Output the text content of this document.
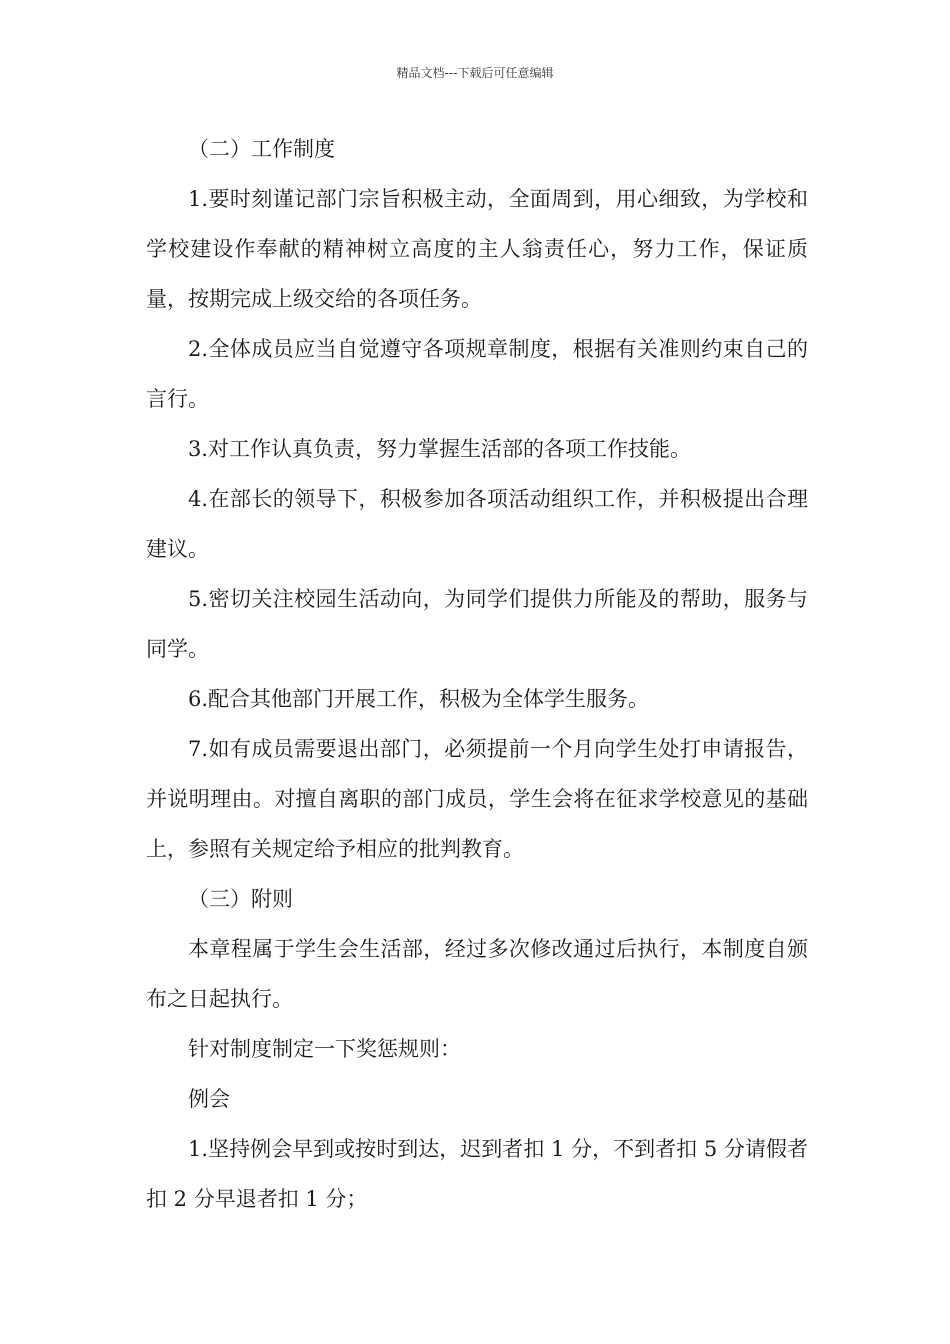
精品文档---下载后可任意编辑

（二）工作制度

1.要时刻谨记部门宗旨积极主动，全面周到，用心细致，为学校和学校建设作奉献的精神树立高度的主人翁责任心，努力工作，保证质量，按期完成上级交给的各项任务。

2.全体成员应当自觉遵守各项规章制度，根据有关准则约束自己的言行。

3.对工作认真负责，努力掌握生活部的各项工作技能。

4.在部长的领导下，积极参加各项活动组织工作，并积极提出合理建议。

5.密切关注校园生活动向，为同学们提供力所能及的帮助，服务与同学。

6.配合其他部门开展工作，积极为全体学生服务。

7.如有成员需要退出部门，必须提前一个月向学生处打申请报告，并说明理由。对擅自离职的部门成员，学生会将在征求学校意见的基础上，参照有关规定给予相应的批判教育。

（三）附则

本章程属于学生会生活部，经过多次修改通过后执行，本制度自颁布之日起执行。

针对制度制定一下奖惩规则：

例会

1.坚持例会早到或按时到达，迟到者扣 1 分，不到者扣 5 分请假者扣 2 分早退者扣 1 分；
